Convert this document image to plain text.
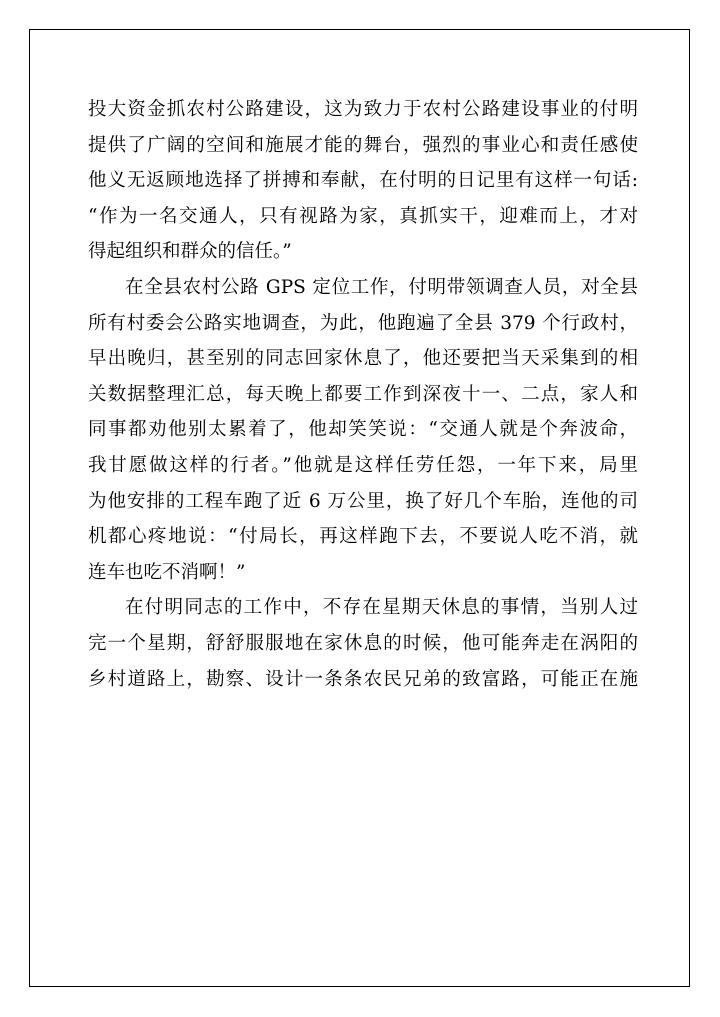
投大资金抓农村公路建设，这为致力于农村公路建设事业的付明
提供了广阔的空间和施展才能的舞台，强烈的事业心和责任感使
他义无返顾地选择了拼搏和奉献，在付明的日记里有这样一句话:
“作为一名交通人，只有视路为家，真抓实干，迎难而上，才对
得起组织和群众的信任。”
在全县农村公路 GPS 定位工作，付明带领调查人员，对全县
所有村委会公路实地调查，为此，他跑遍了全县 379 个行政村，
早出晚归，甚至别的同志回家休息了，他还要把当天采集到的相
关数据整理汇总，每天晚上都要工作到深夜十一、二点，家人和
同事都劝他别太累着了，他却笑笑说：“交通人就是个奔波命，
我甘愿做这样的行者。”他就是这样任劳任怨，一年下来，局里
为他安排的工程车跑了近 6 万公里，换了好几个车胎，连他的司
机都心疼地说：“付局长，再这样跑下去，不要说人吃不消，就
连车也吃不消啊！”
在付明同志的工作中，不存在星期天休息的事情，当别人过
完一个星期，舒舒服服地在家休息的时候，他可能奔走在涡阳的
乡村道路上，勘察、设计一条条农民兄弟的致富路，可能正在施
